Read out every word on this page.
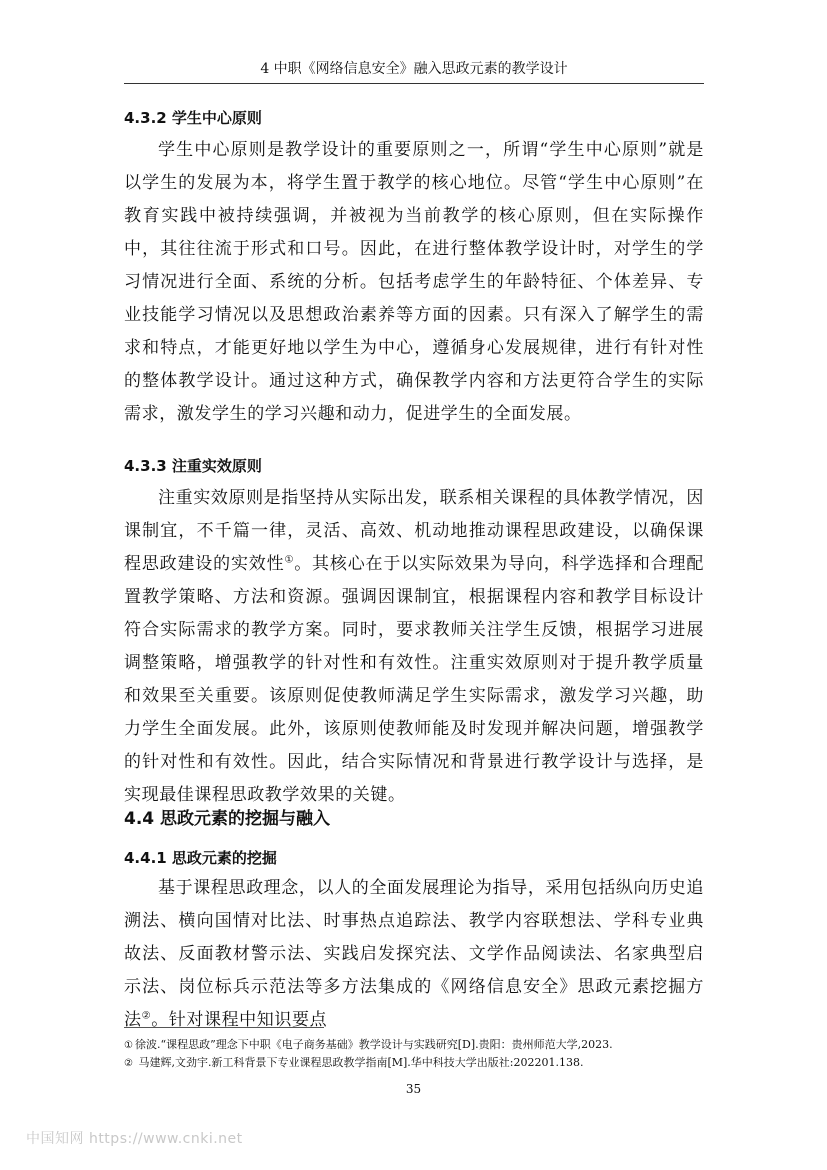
4 中职《网络信息安全》融入思政元素的教学设计
4.3.2 学生中心原则

学生中心原则是教学设计的重要原则之一，所谓“学生中心原则”就是以学生的发展为本，将学生置于教学的核心地位。尽管“学生中心原则”在教育实践中被持续强调，并被视为当前教学的核心原则，但在实际操作中，其往往流于形式和口号。因此，在进行整体教学设计时，对学生的学习情况进行全面、系统的分析。包括考虑学生的年龄特征、个体差异、专业技能学习情况以及思想政治素养等方面的因素。只有深入了解学生的需求和特点，才能更好地以学生为中心，遵循身心发展规律，进行有针对性的整体教学设计。通过这种方式，确保教学内容和方法更符合学生的实际需求，激发学生的学习兴趣和动力，促进学生的全面发展。

4.3.3 注重实效原则

注重实效原则是指坚持从实际出发，联系相关课程的具体教学情况，因课制宜，不千篇一律，灵活、高效、机动地推动课程思政建设，以确保课程思政建设的实效性①。其核心在于以实际效果为导向，科学选择和合理配置教学策略、方法和资源。强调因课制宜，根据课程内容和教学目标设计符合实际需求的教学方案。同时，要求教师关注学生反馈，根据学习进展调整策略，增强教学的针对性和有效性。注重实效原则对于提升教学质量和效果至关重要。该原则促使教师满足学生实际需求，激发学习兴趣，助力学生全面发展。此外，该原则使教师能及时发现并解决问题，增强教学的针对性和有效性。因此，结合实际情况和背景进行教学设计与选择，是实现最佳课程思政教学效果的关键。

4.4 思政元素的挖掘与融入
4.4.1 思政元素的挖掘

基于课程思政理念，以人的全面发展理论为指导，采用包括纵向历史追溯法、横向国情对比法、时事热点追踪法、教学内容联想法、学科专业典故法、反面教材警示法、实践启发探究法、文学作品阅读法、名家典型启示法、岗位标兵示范法等多方法集成的《网络信息安全》思政元素挖掘方法②。针对课程中知识要点

① 徐波.“课程思政”理念下中职《电子商务基础》教学设计与实践研究[D].贵阳：贵州师范大学,2023.
② 马建辉,文劲宇.新工科背景下专业课程思政教学指南[M].华中科技大学出版社:202201.138.
35
中国知网 https://www.cnki.net
